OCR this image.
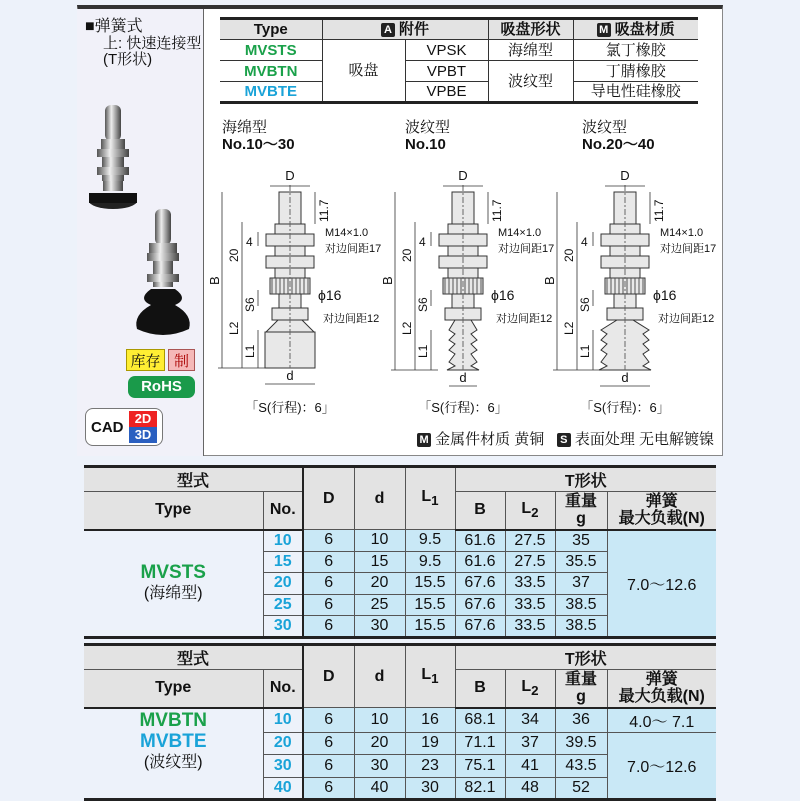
■弹簧式
上: 快速连接型
(T形状)
库存 制
RoHS
CAD
2D
3D
Type	A 附件		吸盘形状	M 吸盘材质
MVSTS	吸盘	VPSK	海绵型	氯丁橡胶
MVBTN		VPBT	波纹型	丁腈橡胶
MVBTE		VPBE		导电性硅橡胶
海绵型
No.10～30
D
11.7
M14×1.0
对边间距17
ϕ16
对边间距12
B
20
4
S6
L2
L1
d
「S(行程)：6」
波纹型
No.10
D
11.7
M14×1.0
对边间距17
ϕ16
对边间距12
B
20
4
S6
L2
L1
d
「S(行程)：6」
波纹型
No.20～40
D
11.7
M14×1.0
对边间距17
ϕ16
对边间距12
B
20
4
S6
L2
L1
d
「S(行程)：6」
M 金属件材质 黄铜 S 表面处理 无电解镀镍
型式		D	d	$L_1$	T形状			
Type	No.				B	$L_2$	重量
g	弹簧
最大负载(N)
MVSTS
(海绵型)	10	6	10	9.5	61.6	27.5	35	7.0～12.6
	15	6	15	9.5	61.6	27.5	35.5	
	20	6	20	15.5	67.6	33.5	37	
	25	6	25	15.5	67.6	33.5	38.5	
	30	6	30	15.5	67.6	33.5	38.5	
型式		D	d	$L_1$	T形状			
Type	No.				B	$L_2$	重量
g	弹簧
最大负载(N)
MVBTN
MVBTE
(波纹型)	10	6	10	16	68.1	34	36	4.0～ 7.1
	20	6	20	19	71.1	37	39.5	7.0～12.6
	30	6	30	23	75.1	41	43.5	
	40	6	40	30	82.1	48	52	
